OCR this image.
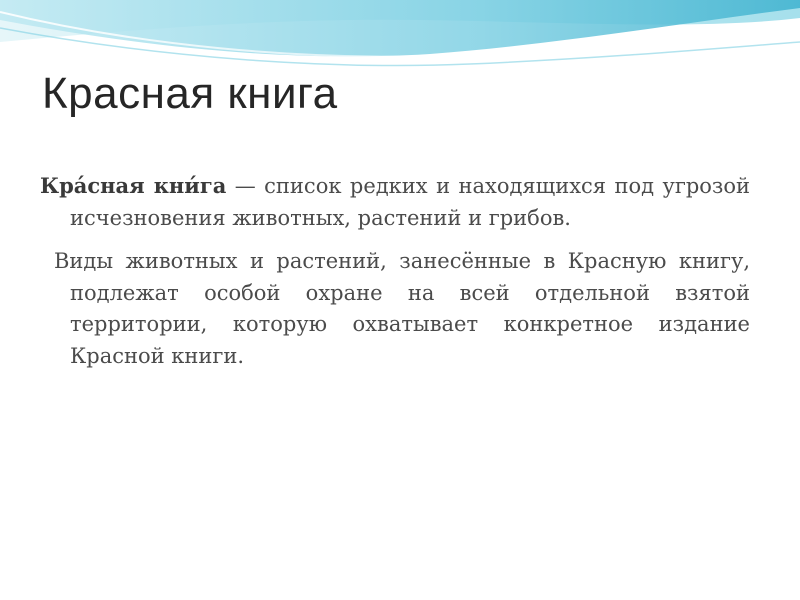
Красная книга

Кра́сная кни́га — список редких и находящихся под угрозой исчезновения животных, растений и грибов.

Виды животных и растений, занесённые в Красную книгу, подлежат особой охране на всей отдельной взятой территории, которую охватывает конкретное издание Красной книги.
